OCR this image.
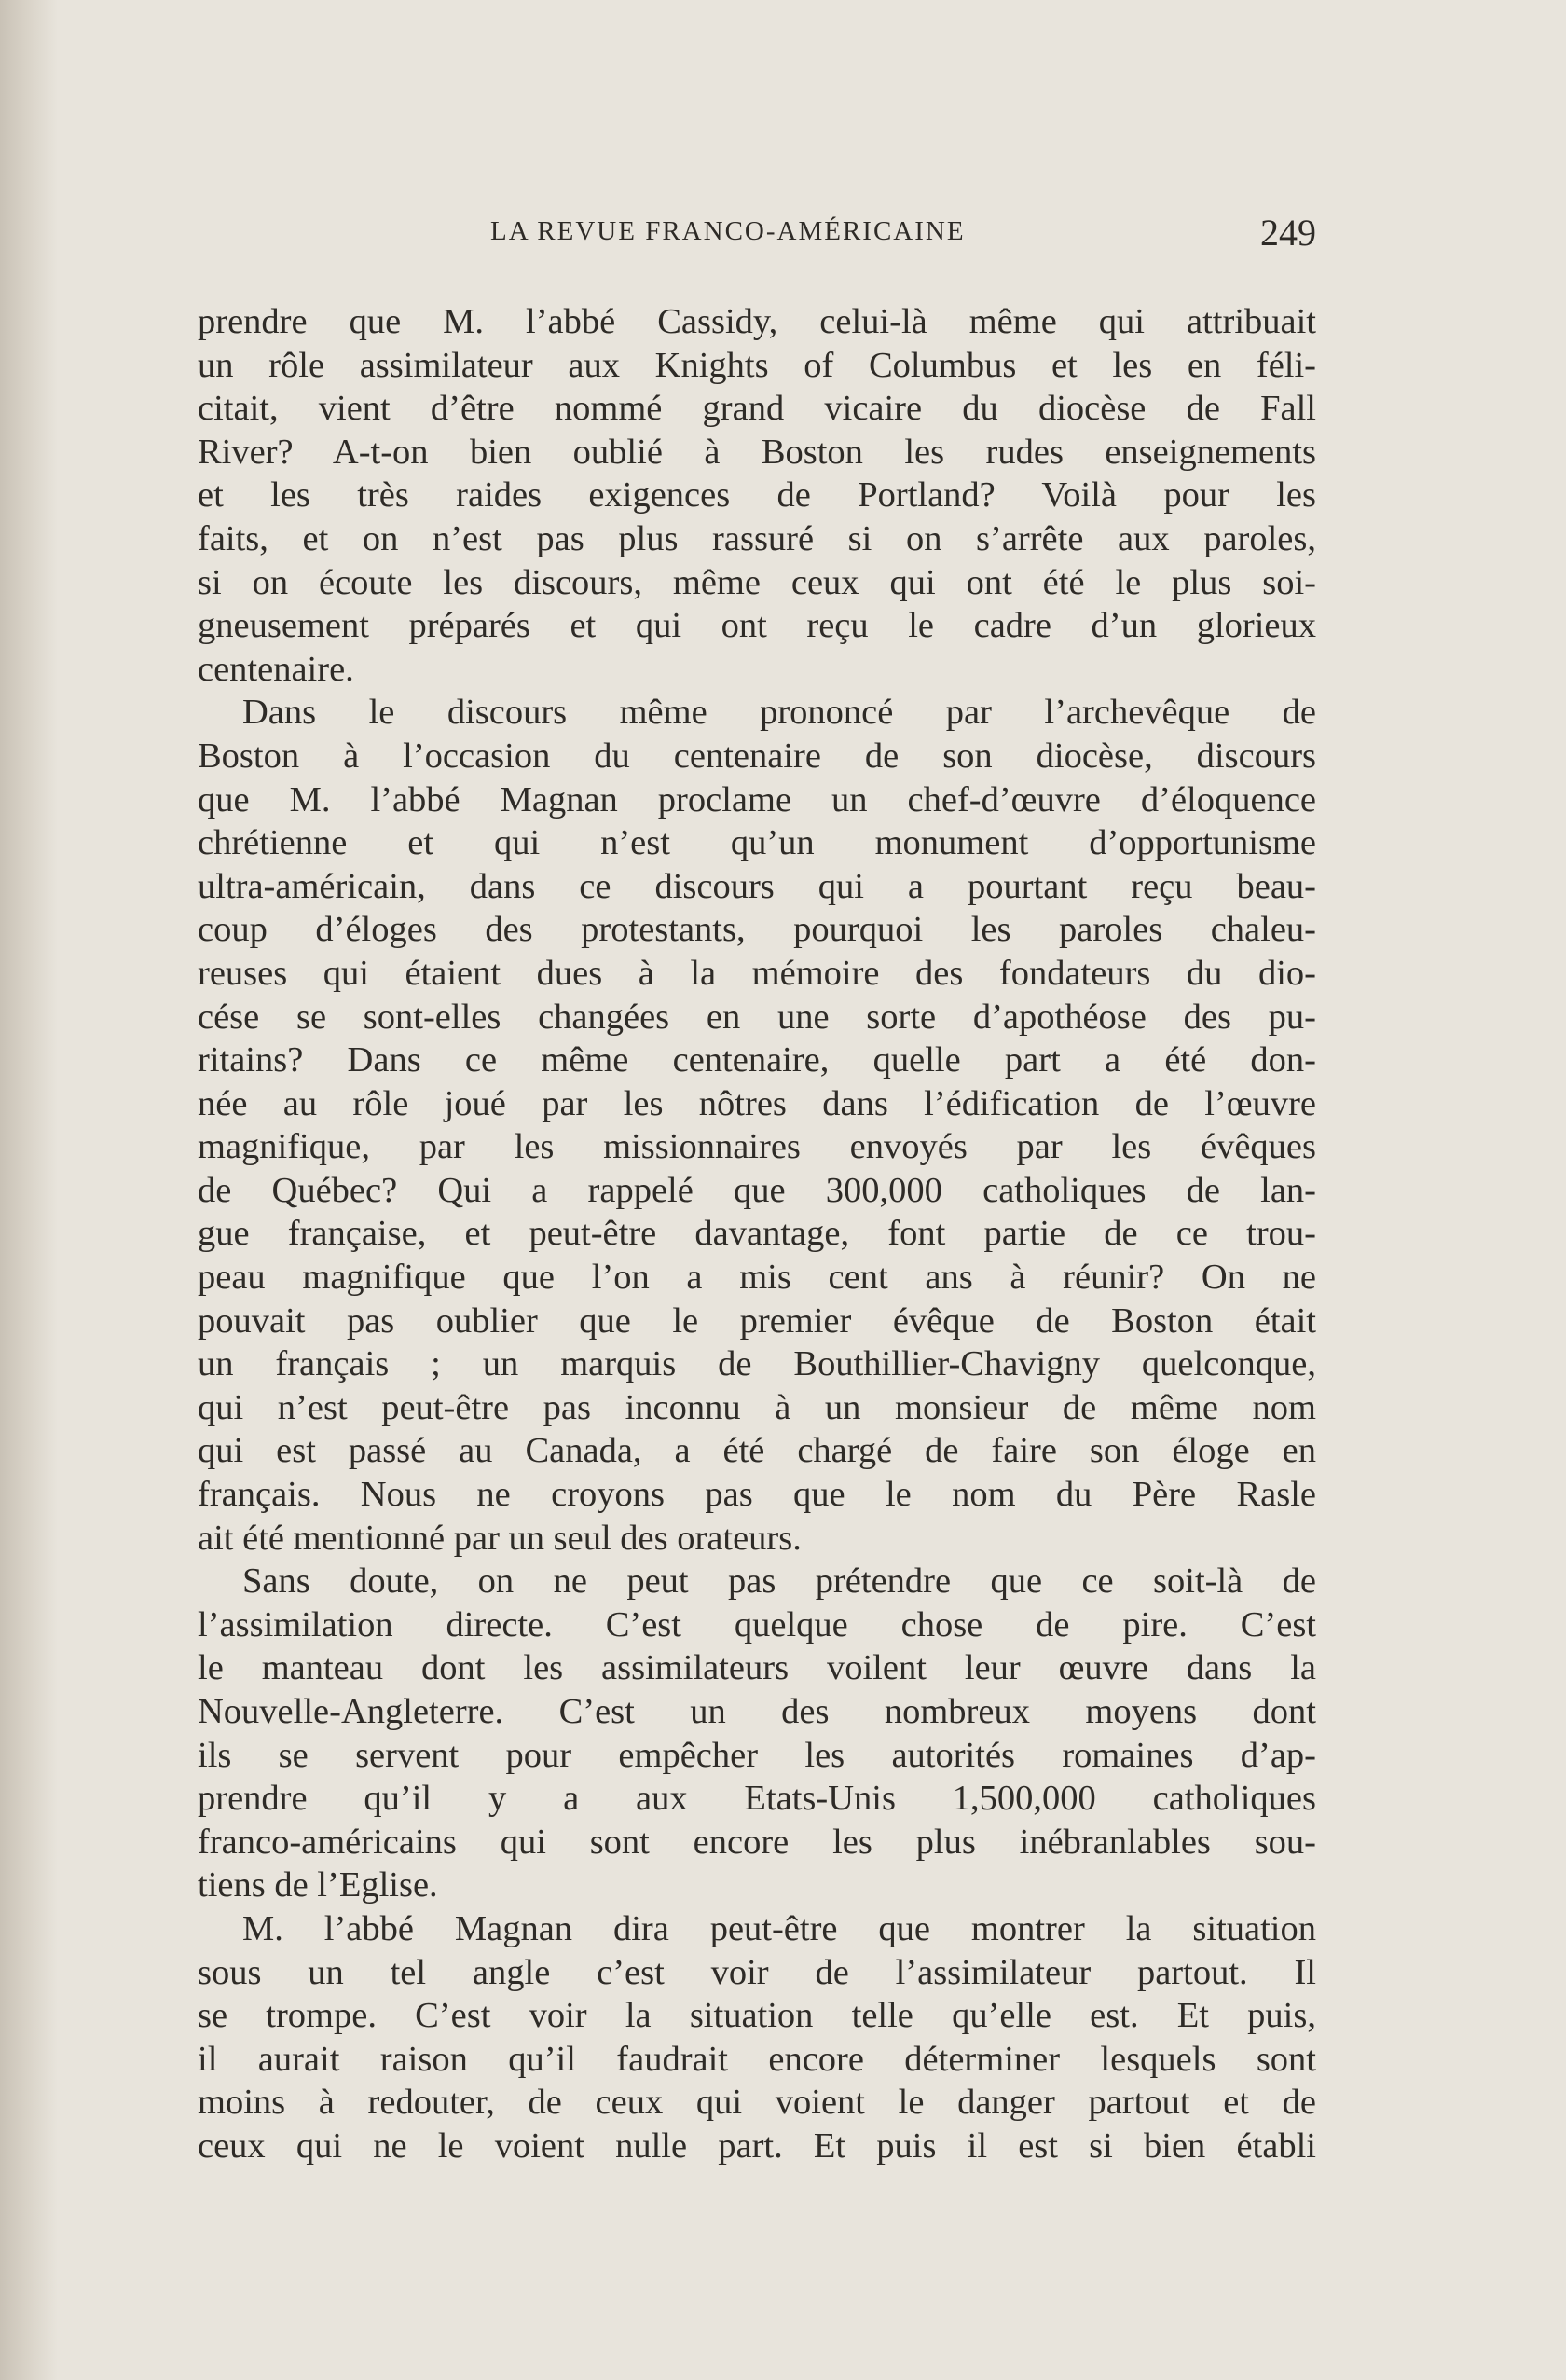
LA REVUE FRANCO-AMÉRICAINE	249
prendre que M. l’abbé Cassidy, celui-là même qui attribuait
un rôle assimilateur aux Knights of Columbus et les en féli-
citait, vient d’être nommé grand vicaire du diocèse de Fall
River? A-t-on bien oublié à Boston les rudes enseignements
et les très raides exigences de Portland? Voilà pour les
faits, et on n’est pas plus rassuré si on s’arrête aux paroles,
si on écoute les discours, même ceux qui ont été le plus soi-
gneusement préparés et qui ont reçu le cadre d’un glorieux
centenaire.
Dans le discours même prononcé par l’archevêque de
Boston à l’occasion du centenaire de son diocèse, discours
que M. l’abbé Magnan proclame un chef-d’œuvre d’éloquence
chrétienne et qui n’est qu’un monument d’opportunisme
ultra-américain, dans ce discours qui a pourtant reçu beau-
coup d’éloges des protestants, pourquoi les paroles chaleu-
reuses qui étaient dues à la mémoire des fondateurs du dio-
cése se sont-elles changées en une sorte d’apothéose des pu-
ritains? Dans ce même centenaire, quelle part a été don-
née au rôle joué par les nôtres dans l’édification de l’œuvre
magnifique, par les missionnaires envoyés par les évêques
de Québec? Qui a rappelé que 300,000 catholiques de lan-
gue française, et peut-être davantage, font partie de ce trou-
peau magnifique que l’on a mis cent ans à réunir? On ne
pouvait pas oublier que le premier évêque de Boston était
un français ; un marquis de Bouthillier-Chavigny quelconque,
qui n’est peut-être pas inconnu à un monsieur de même nom
qui est passé au Canada, a été chargé de faire son éloge en
français. Nous ne croyons pas que le nom du Père Rasle
ait été mentionné par un seul des orateurs.
Sans doute, on ne peut pas prétendre que ce soit-là de
l’assimilation directe. C’est quelque chose de pire. C’est
le manteau dont les assimilateurs voilent leur œuvre dans la
Nouvelle-Angleterre. C’est un des nombreux moyens dont
ils se servent pour empêcher les autorités romaines d’ap-
prendre qu’il y a aux Etats-Unis 1,500,000 catholiques
franco-américains qui sont encore les plus inébranlables sou-
tiens de l’Eglise.
M. l’abbé Magnan dira peut-être que montrer la situation
sous un tel angle c’est voir de l’assimilateur partout. Il
se trompe. C’est voir la situation telle qu’elle est. Et puis,
il aurait raison qu’il faudrait encore déterminer lesquels sont
moins à redouter, de ceux qui voient le danger partout et de
ceux qui ne le voient nulle part. Et puis il est si bien établi
